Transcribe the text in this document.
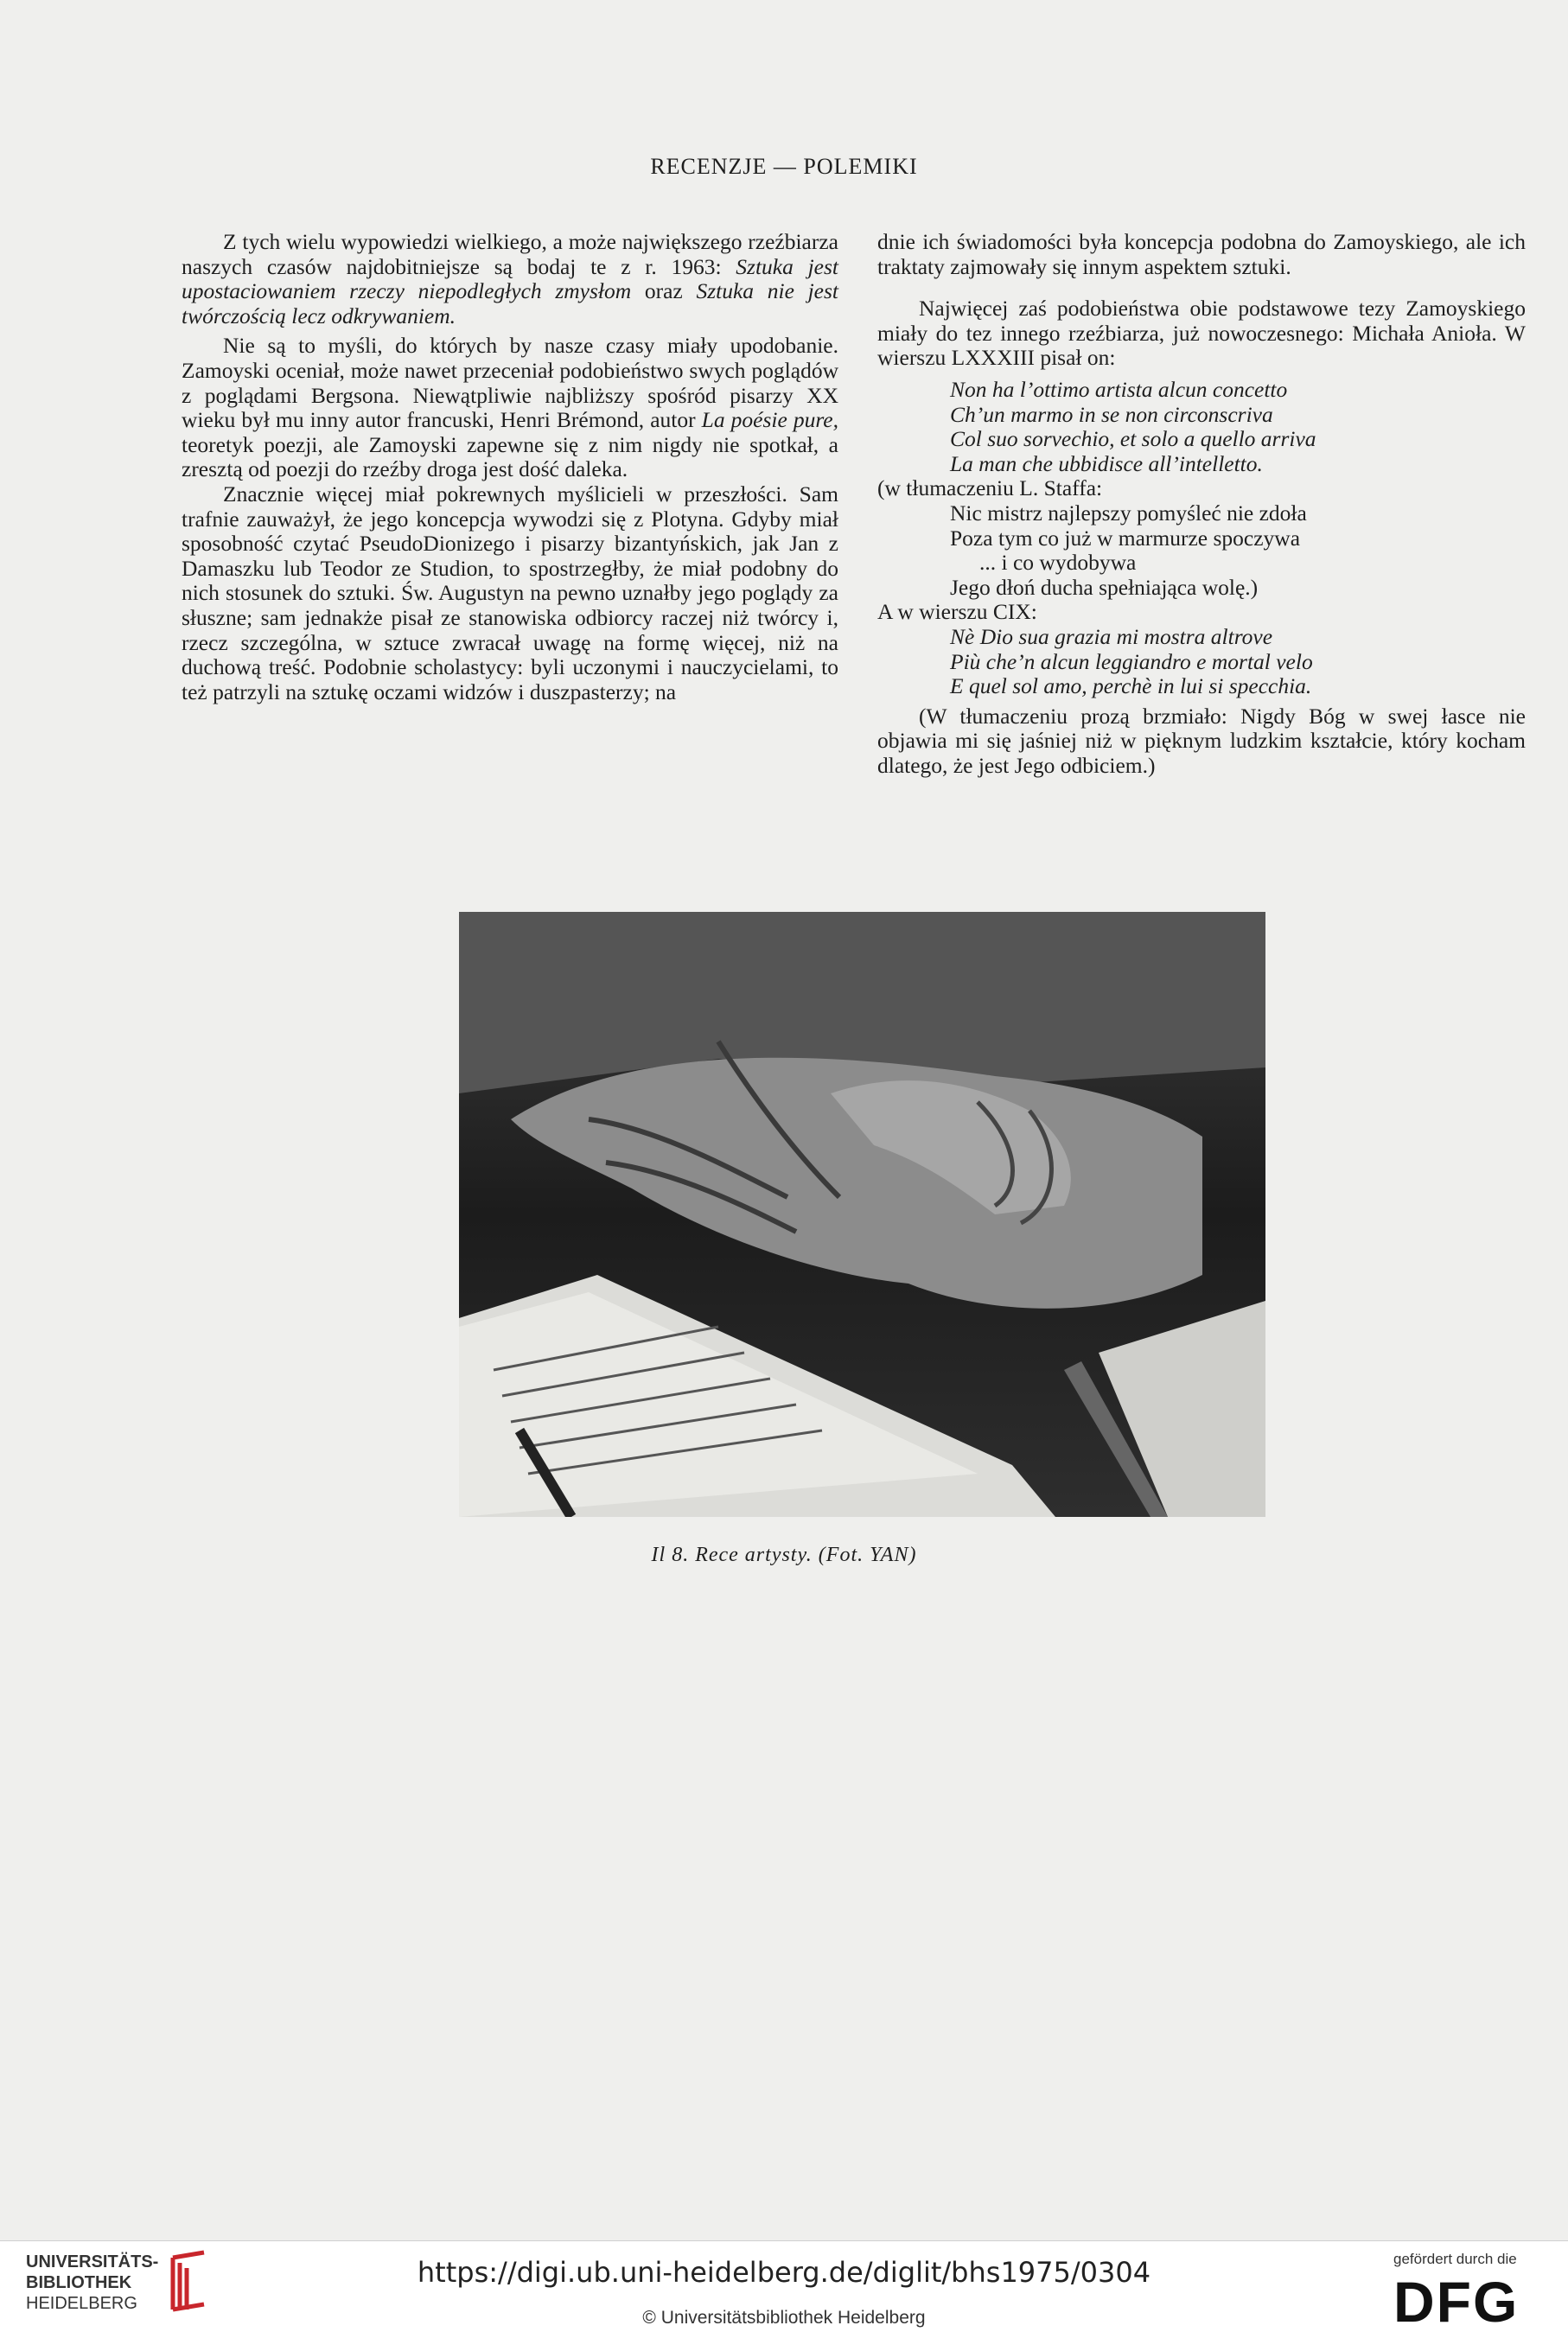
RECENZJE — POLEMIKI

Z tych wielu wypowiedzi wielkiego, a może największego rzeźbiarza naszych czasów najdobitniejsze są bodaj te z r. 1963: Sztuka jest upostaciowaniem rzeczy niepodległych zmysłom oraz Sztuka nie jest twórczością lecz odkrywaniem.

Nie są to myśli, do których by nasze czasy miały upodobanie. Zamoyski oceniał, może nawet przeceniał podobieństwo swych poglądów z poglądami Bergsona. Niewątpliwie najbliższy spośród pisarzy XX wieku był mu inny autor francuski, Henri Brémond, autor La poésie pure, teoretyk poezji, ale Zamoyski zapewne się z nim nigdy nie spotkał, a zresztą od poezji do rzeźby droga jest dość daleka.

Znacznie więcej miał pokrewnych myślicieli w przeszłości. Sam trafnie zauważył, że jego koncepcja wywodzi się z Plotyna. Gdyby miał sposobność czytać PseudoDionizego i pisarzy bizantyńskich, jak Jan z Damaszku lub Teodor ze Studion, to spostrzegłby, że miał podobny do nich stosunek do sztuki. Św. Augustyn na pewno uznałby jego poglądy za słuszne; sam jednakże pisał ze stanowiska odbiorcy raczej niż twórcy i, rzecz szczególna, w sztuce zwracał uwagę na formę więcej, niż na duchową treść. Podobnie scholastycy: byli uczonymi i nauczycielami, to też patrzyli na sztukę oczami widzów i duszpasterzy; na

dnie ich świadomości była koncepcja podobna do Zamoyskiego, ale ich traktaty zajmowały się innym aspektem sztuki.

Najwięcej zaś podobieństwa obie podstawowe tezy Zamoyskiego miały do tez innego rzeźbiarza, już nowoczesnego: Michała Anioła. W wierszu LXXXIII pisał on:

Non ha l’ottimo artista alcun concetto
Ch’un marmo in se non circonscriva
Col suo sorvechio, et solo a quello arriva
La man che ubbidisce all’intelletto.

(w tłumaczeniu L. Staffa:

Nic mistrz najlepszy pomyśleć nie zdoła
Poza tym co już w marmurze spoczywa
... i co wydobywa
Jego dłoń ducha spełniająca wolę.)

A w wierszu CIX:

Nè Dio sua grazia mi mostra altrove
Più che’n alcun leggiandro e mortal velo
E quel sol amo, perchè in lui si specchia.

(W tłumaczeniu prozą brzmiało: Nigdy Bóg w swej łasce nie objawia mi się jaśniej niż w pięknym ludzkim kształcie, który kocham dlatego, że jest Jego odbiciem.)

Il 8. Rece artysty. (Fot. YAN)
UNIVERSITÄTS-
BIBLIOTHEK
HEIDELBERG
https://digi.ub.uni-heidelberg.de/diglit/bhs1975/0304
© Universitätsbibliothek Heidelberg
gefördert durch die
DFG
